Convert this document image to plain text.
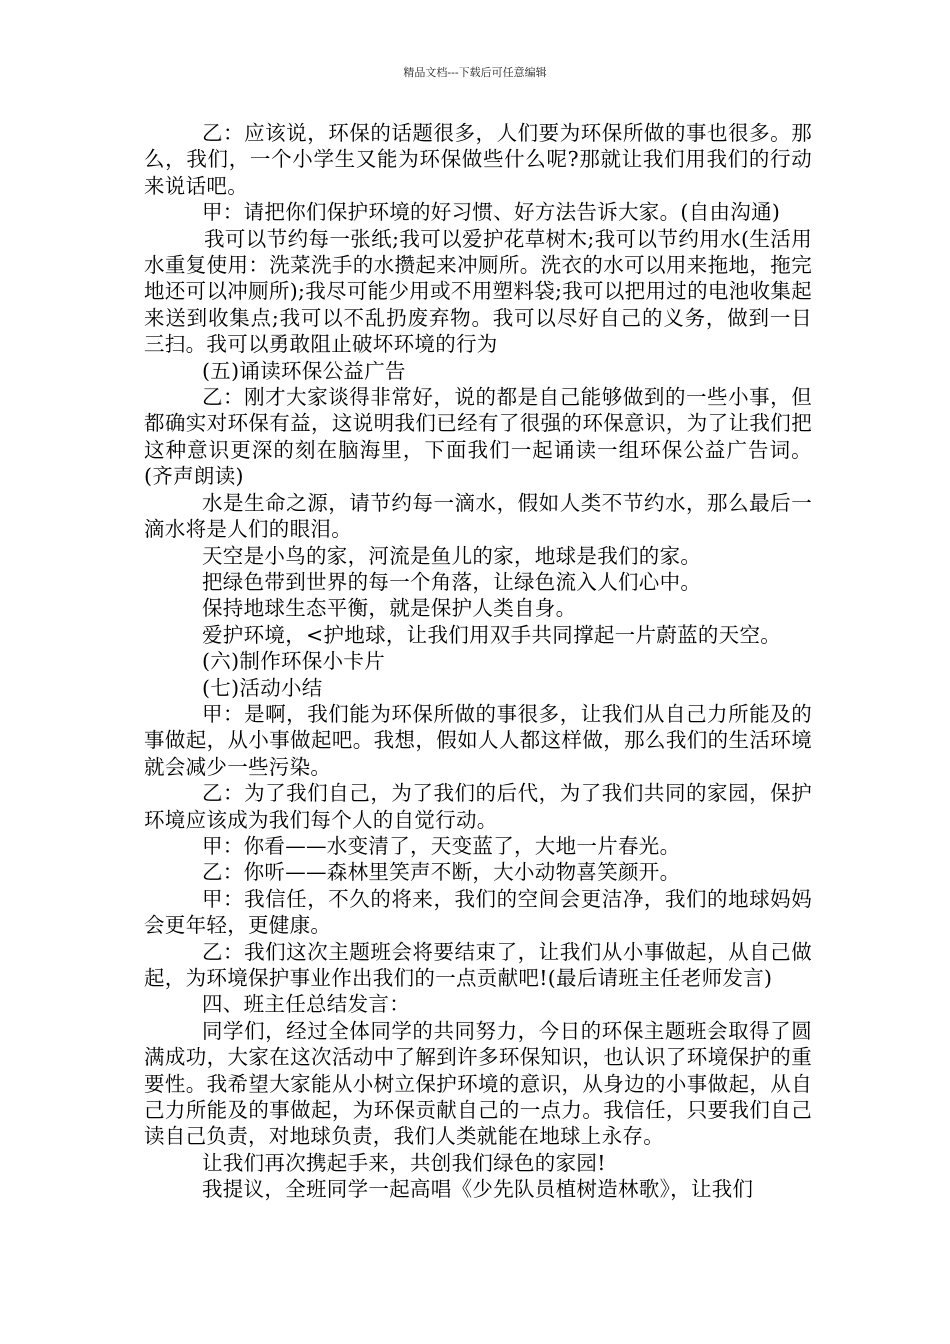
精品文档---下载后可任意编辑

乙：应该说，环保的话题很多，人们要为环保所做的事也很多。那么，我们，一个小学生又能为环保做些什么呢?那就让我们用我们的行动来说话吧。

甲：请把你们保护环境的好习惯、好方法告诉大家。(自由沟通)

我可以节约每一张纸;我可以爱护花草树木;我可以节约用水(生活用水重复使用：洗菜洗手的水攒起来冲厕所。洗衣的水可以用来拖地，拖完地还可以冲厕所);我尽可能少用或不用塑料袋;我可以把用过的电池收集起来送到收集点;我可以不乱扔废弃物。我可以尽好自己的义务，做到一日三扫。我可以勇敢阻止破坏环境的行为

(五)诵读环保公益广告

乙：刚才大家谈得非常好，说的都是自己能够做到的一些小事，但都确实对环保有益，这说明我们已经有了很强的环保意识，为了让我们把这种意识更深的刻在脑海里，下面我们一起诵读一组环保公益广告词。(齐声朗读)

水是生命之源，请节约每一滴水，假如人类不节约水，那么最后一滴水将是人们的眼泪。

天空是小鸟的家，河流是鱼儿的家，地球是我们的家。

把绿色带到世界的每一个角落，让绿色流入人们心中。

保持地球生态平衡，就是保护人类自身。

爱护环境，<护地球，让我们用双手共同撑起一片蔚蓝的天空。

(六)制作环保小卡片

(七)活动小结

甲：是啊，我们能为环保所做的事很多，让我们从自己力所能及的事做起，从小事做起吧。我想，假如人人都这样做，那么我们的生活环境就会减少一些污染。

乙：为了我们自己，为了我们的后代，为了我们共同的家园，保护环境应该成为我们每个人的自觉行动。

甲：你看——水变清了，天变蓝了，大地一片春光。

乙：你听——森林里笑声不断，大小动物喜笑颜开。

甲：我信任，不久的将来，我们的空间会更洁净，我们的地球妈妈会更年轻，更健康。

乙：我们这次主题班会将要结束了，让我们从小事做起，从自己做起，为环境保护事业作出我们的一点贡献吧!(最后请班主任老师发言)

四、班主任总结发言：

同学们，经过全体同学的共同努力，今日的环保主题班会取得了圆满成功，大家在这次活动中了解到许多环保知识，也认识了环境保护的重要性。我希望大家能从小树立保护环境的意识，从身边的小事做起，从自己力所能及的事做起，为环保贡献自己的一点力。我信任，只要我们自己读自己负责，对地球负责，我们人类就能在地球上永存。

让我们再次携起手来，共创我们绿色的家园!

我提议，全班同学一起高唱《少先队员植树造林歌》，让我们
